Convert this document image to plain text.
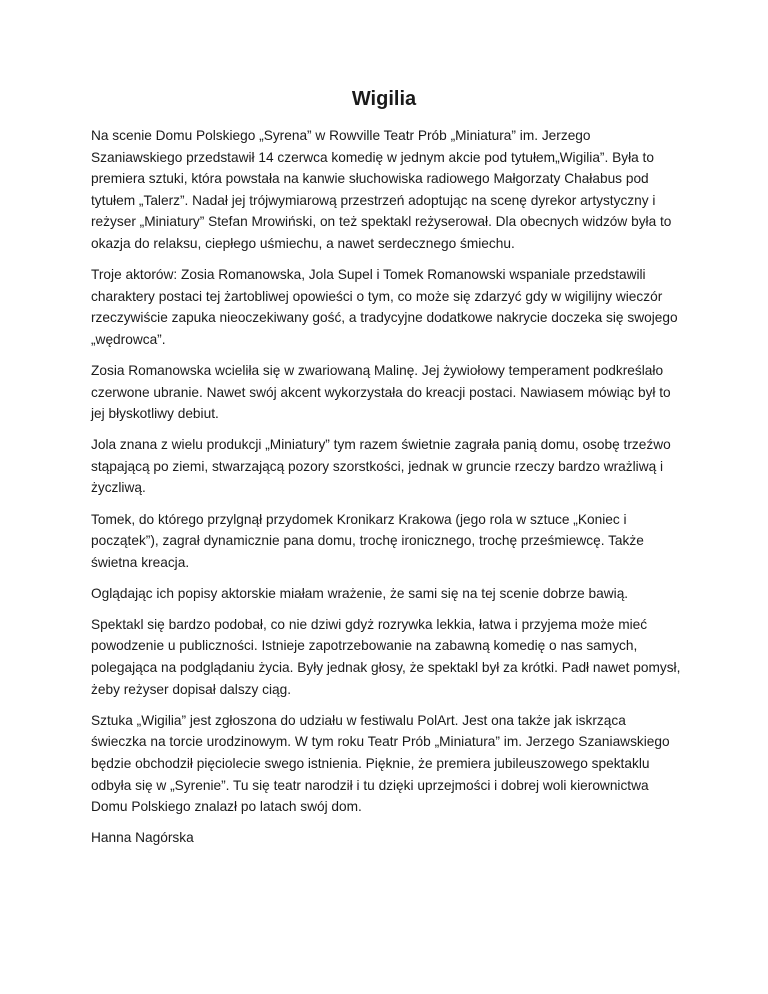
Wigilia

Na scenie Domu Polskiego „Syrena” w Rowville Teatr Prób „Miniatura” im. Jerzego Szaniawskiego przedstawił 14 czerwca komedię w jednym akcie pod tytułem„Wigilia”. Była to premiera sztuki, która powstała na kanwie słuchowiska radiowego Małgorzaty Chałabus pod tytułem „Talerz”. Nadał jej trójwymiarową przestrzeń adoptując na scenę dyrekor artystyczny i reżyser „Miniatury” Stefan Mrowiński, on też spektakl reżyserował. Dla obecnych widzów była to okazja do relaksu, ciepłego uśmiechu, a nawet serdecznego śmiechu.

Troje aktorów: Zosia Romanowska, Jola Supel i Tomek Romanowski wspaniale przedstawili charaktery postaci tej żartobliwej opowieści o tym, co może się zdarzyć gdy w wigilijny wieczór rzeczywiście zapuka nieoczekiwany gość, a tradycyjne dodatkowe nakrycie doczeka się swojego „wędrowca”.

Zosia Romanowska wcieliła się w zwariowaną Malinę. Jej żywiołowy temperament podkreślało czerwone ubranie. Nawet swój akcent wykorzystała do kreacji postaci. Nawiasem mówiąc był to jej błyskotliwy debiut.

Jola znana z wielu produkcji „Miniatury” tym razem świetnie zagrała panią domu, osobę trzeźwo stąpającą po ziemi, stwarzającą pozory szorstkości, jednak w gruncie rzeczy bardzo wrażliwą i życzliwą.

Tomek, do którego przylgnął przydomek Kronikarz Krakowa (jego rola w sztuce „Koniec i początek”), zagrał dynamicznie pana domu, trochę ironicznego, trochę prześmiewcę. Także świetna kreacja.

Oglądając ich popisy aktorskie miałam wrażenie, że sami się na tej scenie dobrze bawią.

Spektakl się bardzo podobał, co nie dziwi gdyż rozrywka lekkia, łatwa i przyjema może mieć powodzenie u publiczności. Istnieje zapotrzebowanie na zabawną komedię o nas samych, polegająca na podglądaniu życia. Były jednak głosy, że spektakl był za krótki. Padł nawet pomysł, żeby reżyser dopisał dalszy ciąg.

Sztuka „Wigilia” jest zgłoszona do udziału w festiwalu PolArt. Jest ona także jak iskrząca świeczka na torcie urodzinowym. W tym roku Teatr Prób „Miniatura” im. Jerzego Szaniawskiego będzie obchodził pięciolecie swego istnienia. Pięknie, że premiera jubileuszowego spektaklu odbyła się w „Syrenie”. Tu się teatr narodził i tu dzięki uprzejmości i dobrej woli kierownictwa Domu Polskiego znalazł po latach swój dom.

Hanna Nagórska
